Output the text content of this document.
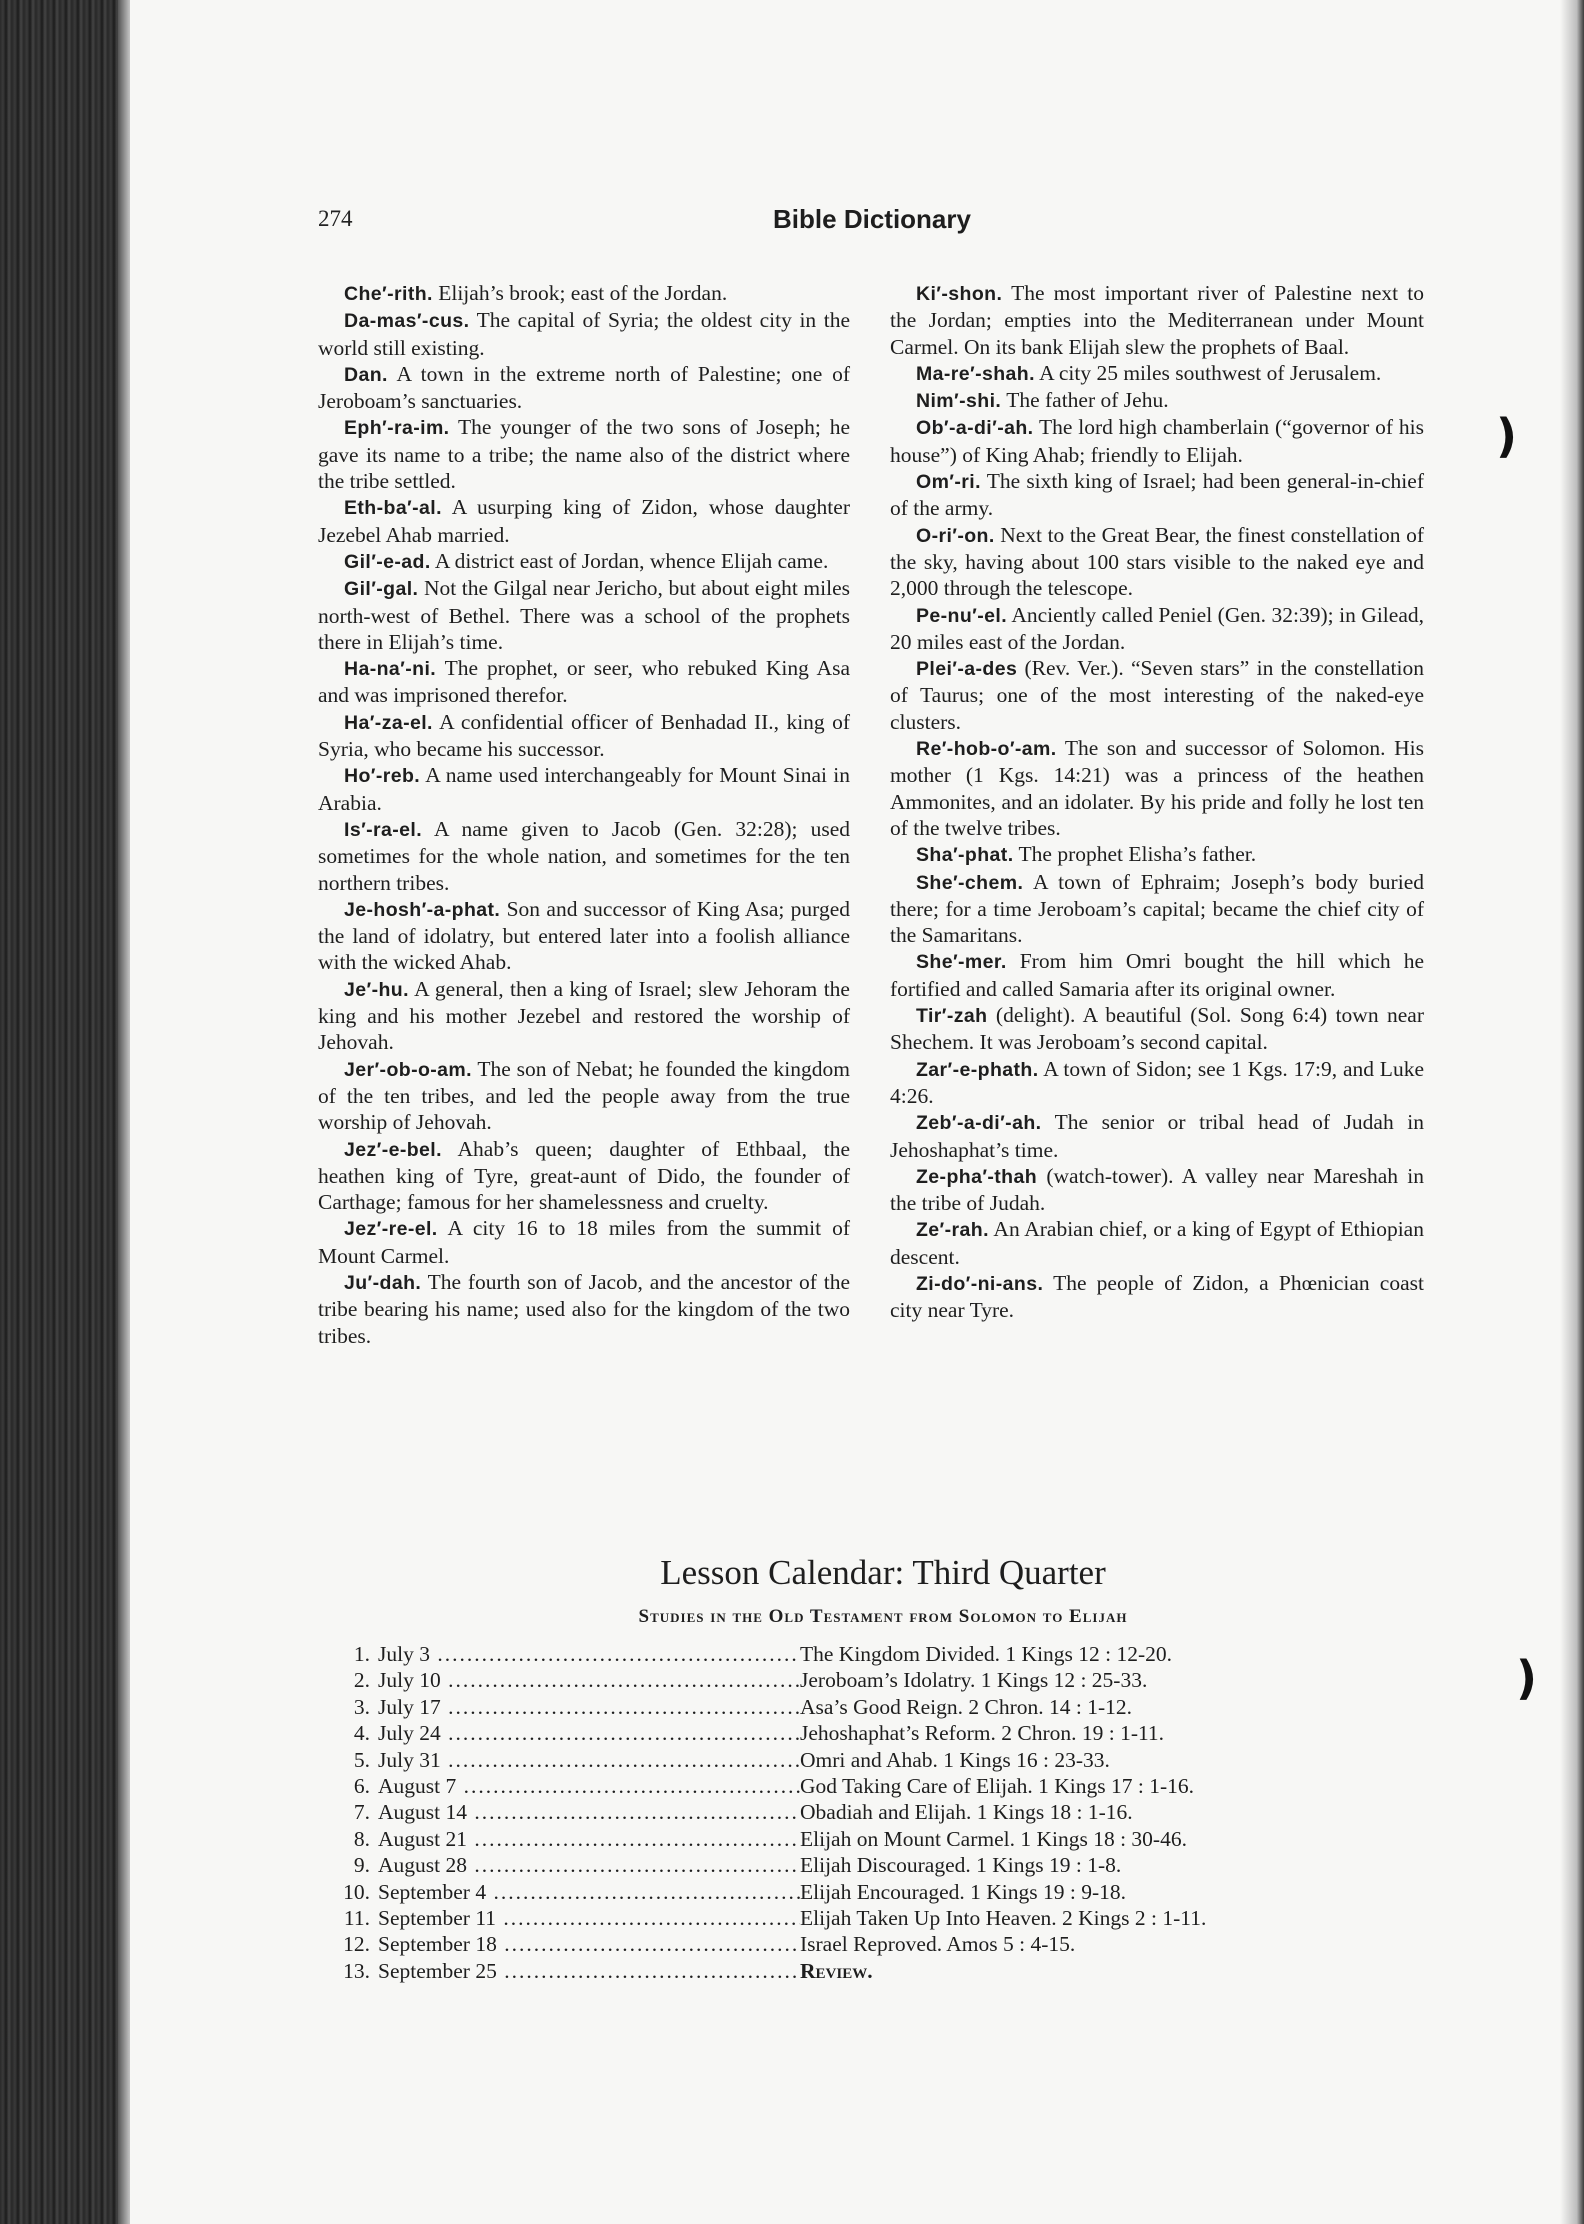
)
)
Bible Dictionary
274

Che′-rith. Elijah’s brook; east of the Jordan.

Da-mas′-cus. The capital of Syria; the oldest city in the world still existing.

Dan. A town in the extreme north of Palestine; one of Jeroboam’s sanctuaries.

Eph′-ra-im. The younger of the two sons of Joseph; he gave its name to a tribe; the name also of the district where the tribe settled.

Eth-ba′-al. A usurping king of Zidon, whose daughter Jezebel Ahab married.

Gil′-e-ad. A district east of Jordan, whence Elijah came.

Gil′-gal. Not the Gilgal near Jericho, but about eight miles north-west of Bethel. There was a school of the prophets there in Elijah’s time.

Ha-na′-ni. The prophet, or seer, who rebuked King Asa and was imprisoned therefor.

Ha′-za-el. A confidential officer of Benhadad II., king of Syria, who became his successor.

Ho′-reb. A name used interchangeably for Mount Sinai in Arabia.

Is′-ra-el. A name given to Jacob (Gen. 32:28); used sometimes for the whole nation, and sometimes for the ten northern tribes.

Je-hosh′-a-phat. Son and successor of King Asa; purged the land of idolatry, but entered later into a foolish alliance with the wicked Ahab.

Je′-hu. A general, then a king of Israel; slew Jehoram the king and his mother Jezebel and restored the worship of Jehovah.

Jer′-ob-o-am. The son of Nebat; he founded the kingdom of the ten tribes, and led the people away from the true worship of Jehovah.

Jez′-e-bel. Ahab’s queen; daughter of Ethbaal, the heathen king of Tyre, great-aunt of Dido, the founder of Carthage; famous for her shamelessness and cruelty.

Jez′-re-el. A city 16 to 18 miles from the summit of Mount Carmel.

Ju′-dah. The fourth son of Jacob, and the ancestor of the tribe bearing his name; used also for the kingdom of the two tribes.

Ki′-shon. The most important river of Palestine next to the Jordan; empties into the Mediterranean under Mount Carmel. On its bank Elijah slew the prophets of Baal.

Ma-re′-shah. A city 25 miles southwest of Jerusalem.

Nim′-shi. The father of Jehu.

Ob′-a-di′-ah. The lord high chamberlain (“governor of his house”) of King Ahab; friendly to Elijah.

Om′-ri. The sixth king of Israel; had been general-in-chief of the army.

O-ri′-on. Next to the Great Bear, the finest constellation of the sky, having about 100 stars visible to the naked eye and 2,000 through the telescope.

Pe-nu′-el. Anciently called Peniel (Gen. 32:39); in Gilead, 20 miles east of the Jordan.

Plei′-a-des (Rev. Ver.). “Seven stars” in the constellation of Taurus; one of the most interesting of the naked-eye clusters.

Re′-hob-o′-am. The son and successor of Solomon. His mother (1 Kgs. 14:21) was a princess of the heathen Ammonites, and an idolater. By his pride and folly he lost ten of the twelve tribes.

Sha′-phat. The prophet Elisha’s father.

She′-chem. A town of Ephraim; Joseph’s body buried there; for a time Jeroboam’s capital; became the chief city of the Samaritans.

She′-mer. From him Omri bought the hill which he fortified and called Samaria after its original owner.

Tir′-zah (delight). A beautiful (Sol. Song 6:4) town near Shechem. It was Jeroboam’s second capital.

Zar′-e-phath. A town of Sidon; see 1 Kgs. 17:9, and Luke 4:26.

Zeb′-a-di′-ah. The senior or tribal head of Judah in Jehoshaphat’s time.

Ze-pha′-thah (watch-tower). A valley near Mareshah in the tribe of Judah.

Ze′-rah. An Arabian chief, or a king of Egypt of Ethiopian descent.

Zi-do′-ni-ans. The people of Zidon, a Phœnician coast city near Tyre.

Lesson Calendar: Third Quarter
Studies in the Old Testament from Solomon to Elijah
1. July 3 .....	The Kingdom Divided. 1 Kings 12 : 12-20.
2. July 10 .....	Jeroboam’s Idolatry. 1 Kings 12 : 25-33.
3. July 17 .....	Asa’s Good Reign. 2 Chron. 14 : 1-12.
4. July 24 .....	Jehoshaphat’s Reform. 2 Chron. 19 : 1-11.
5. July 31 .....	Omri and Ahab. 1 Kings 16 : 23-33.
6. August 7 .....	God Taking Care of Elijah. 1 Kings 17 : 1-16.
7. August 14 .....	Obadiah and Elijah. 1 Kings 18 : 1-16.
8. August 21 .....	Elijah on Mount Carmel. 1 Kings 18 : 30-46.
9. August 28 .....	Elijah Discouraged. 1 Kings 19 : 1-8.
10. September 4 .....	Elijah Encouraged. 1 Kings 19 : 9-18.
11. September 11 .....	Elijah Taken Up Into Heaven. 2 Kings 2 : 1-11.
12. September 18 .....	Israel Reproved. Amos 5 : 4-15.
13. September 25 .....	Review.
